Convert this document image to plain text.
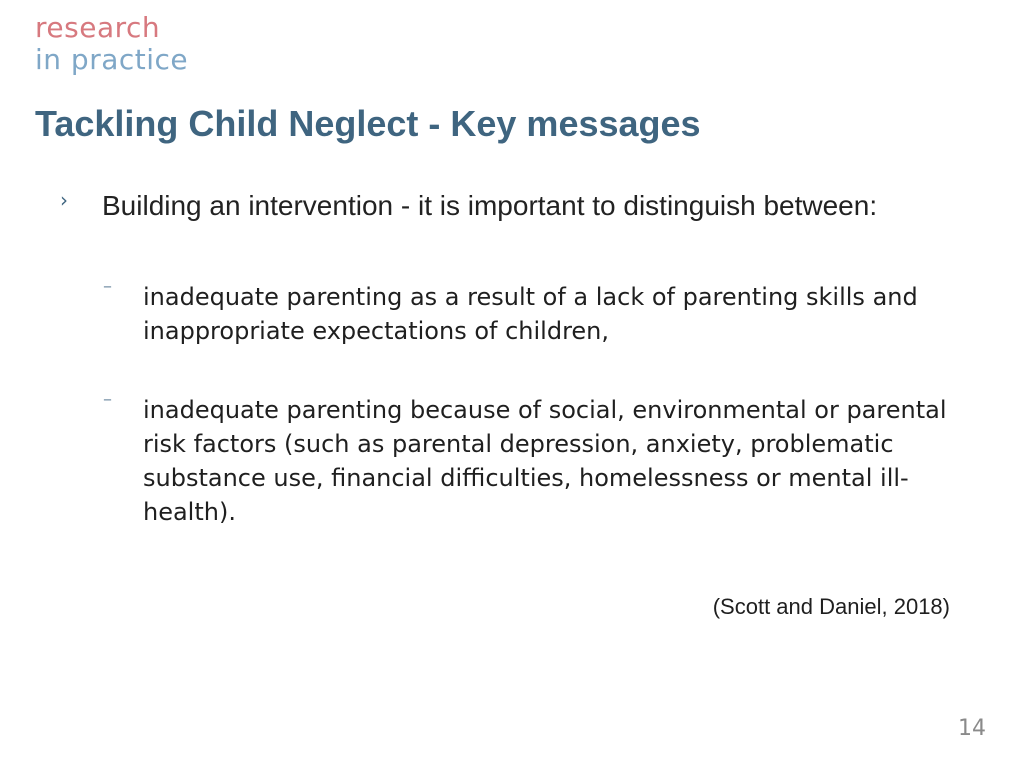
research
in practice
Tackling Child Neglect - Key messages
› Building an intervention - it is important to distinguish between:
– inadequate parenting as a result of a lack of parenting skills and inappropriate expectations of children,
– inadequate parenting because of social, environmental or parental risk factors (such as parental depression, anxiety, problematic substance use, financial difficulties, homelessness or mental ill-health).
(Scott and Daniel, 2018)
14
